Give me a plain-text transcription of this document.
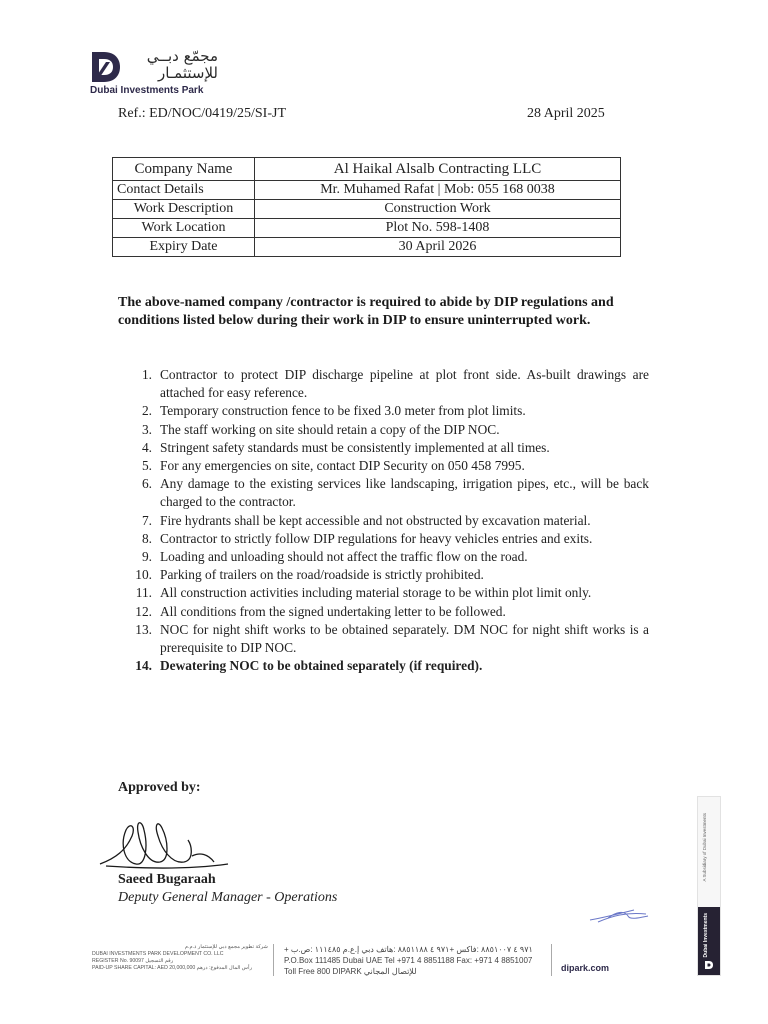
مجمّع دبــي
للإستثمـار
Dubai Investments Park
Ref.: ED/NOC/0419/25/SI-JT	28 April 2025
Company Name	Al Haikal Alsalb Contracting LLC
Contact Details	Mr. Muhamed Rafat | Mob: 055 168 0038
Work Description	Construction Work
Work Location	Plot No. 598-1408
Expiry Date	30 April 2026
The above-named company /contractor is required to abide by DIP regulations and conditions listed below during their work in DIP to ensure uninterrupted work.
1. Contractor to protect DIP discharge pipeline at plot front side. As-built drawings are attached for easy reference.
2. Temporary construction fence to be fixed 3.0 meter from plot limits.
3. The staff working on site should retain a copy of the DIP NOC.
4. Stringent safety standards must be consistently implemented at all times.
5. For any emergencies on site, contact DIP Security on 050 458 7995.
6. Any damage to the existing services like landscaping, irrigation pipes, etc., will be back charged to the contractor.
7. Fire hydrants shall be kept accessible and not obstructed by excavation material.
8. Contractor to strictly follow DIP regulations for heavy vehicles entries and exits.
9. Loading and unloading should not affect the traffic flow on the road.
10. Parking of trailers on the road/roadside is strictly prohibited.
11. All construction activities including material storage to be within plot limit only.
12. All conditions from the signed undertaking letter to be followed.
13. NOC for night shift works to be obtained separately. DM NOC for night shift works is a prerequisite to DIP NOC.
14. Dewatering NOC to be obtained separately (if required).
Approved by:
Saeed Bugaraah
Deputy General Manager - Operations
شركة تطوير مجمع دبي للإستثمار ذ.م.م
DUBAI INVESTMENTS PARK DEVELOPMENT CO. LLC
REGISTER No. 90097 رقم التسجيل
PAID-UP SHARE CAPITAL: AED 20,000,000 رأس المال المدفوع: درهم
+ ٩٧١ ٤ ٨٨٥١٠٠٧ :فاكس +٩٧١ ٤ ٨٨٥١١٨٨ :هاتف دبي إ.ع.م ١١١٤٨٥ :ص.ب
P.O.Box 111485 Dubai UAE Tel +971 4 8851188 Fax: +971 4 8851007
Toll Free 800 DIPARK للإتصال المجاني	dipark.com
A Subsidiary of Dubai Investments
Dubai Investments
